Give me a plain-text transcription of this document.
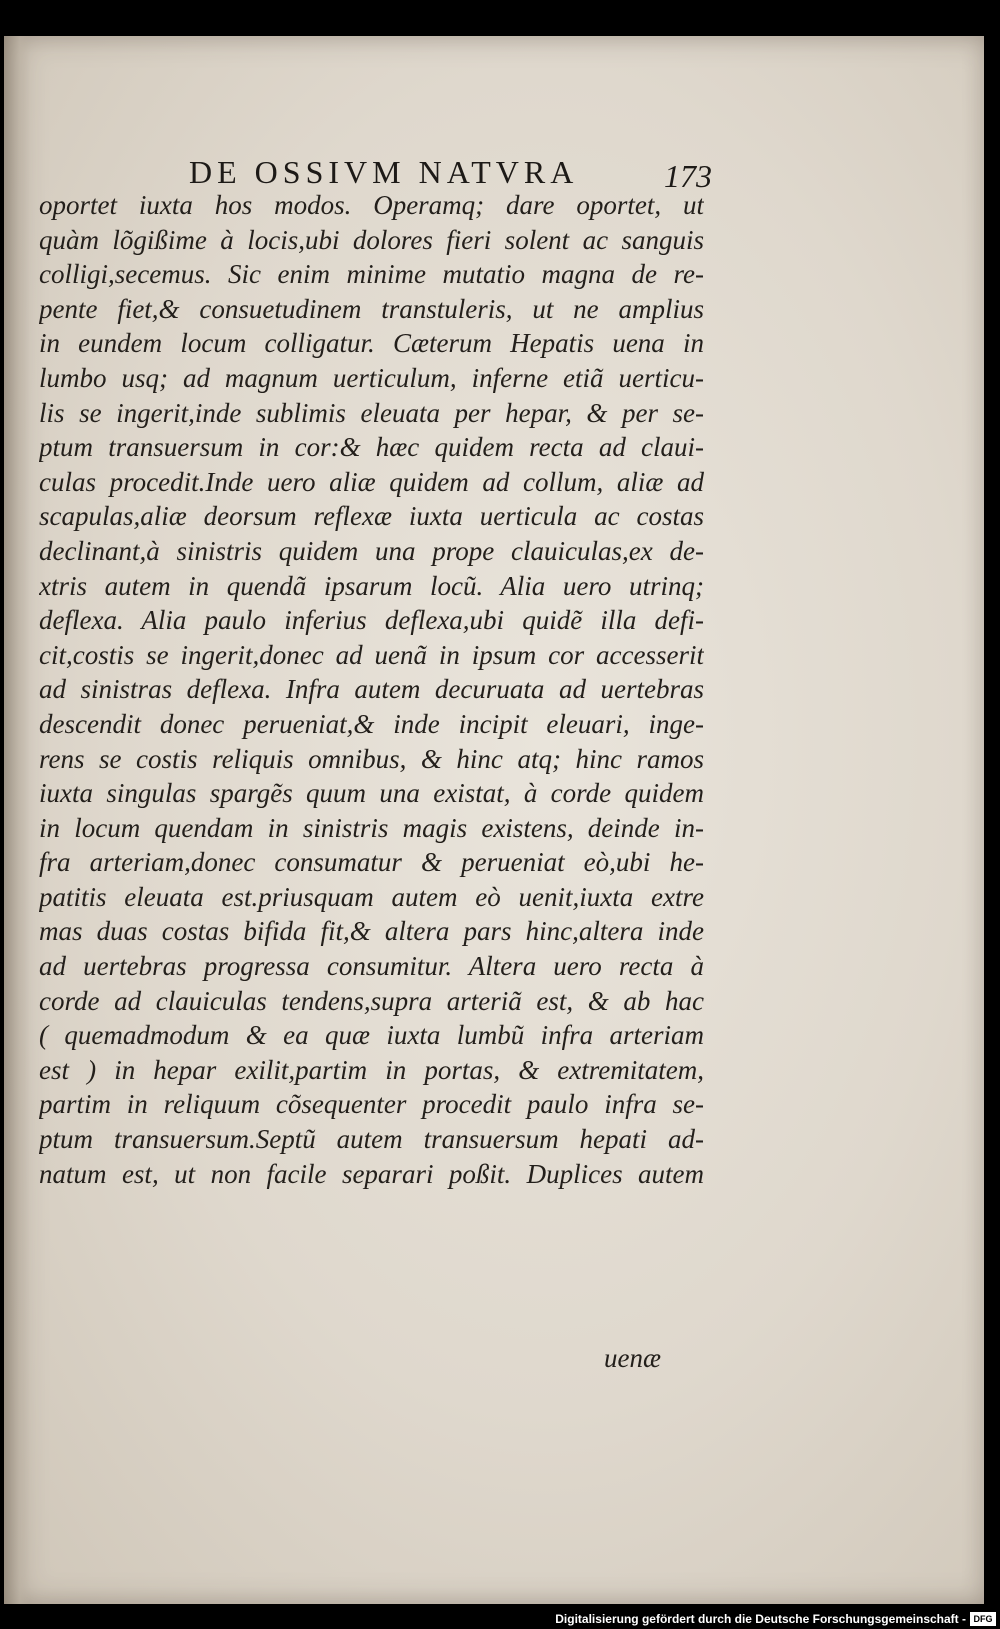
DE OSSIVM NATVRA	173
oportet iuxta hos modos. Operamq; dare oportet, ut
quàm lõgißime à locis,ubi dolores fieri solent ac sanguis
colligi,secemus. Sic enim minime mutatio magna de re-
pente fiet,& consuetudinem transtuleris, ut ne amplius
in eundem locum colligatur. Cæterum Hepatis uena in
lumbo usq; ad magnum uerticulum, inferne etiã uerticu-
lis se ingerit,inde sublimis eleuata per hepar, & per se-
ptum transuersum in cor:& hæc quidem recta ad claui-
culas procedit.Inde uero aliæ quidem ad collum, aliæ ad
scapulas,aliæ deorsum reflexæ iuxta uerticula ac costas
declinant,à sinistris quidem una prope clauiculas,ex de-
xtris autem in quendã ipsarum locũ. Alia uero utrinq;
deflexa. Alia paulo inferius deflexa,ubi quidẽ illa defi-
cit,costis se ingerit,donec ad uenã in ipsum cor accesserit
ad sinistras deflexa. Infra autem decuruata ad uertebras
descendit donec perueniat,& inde incipit eleuari, inge-
rens se costis reliquis omnibus, & hinc atq; hinc ramos
iuxta singulas spargẽs quum una existat, à corde quidem
in locum quendam in sinistris magis existens, deinde in-
fra arteriam,donec consumatur & perueniat eò,ubi he-
patitis eleuata est.priusquam autem eò uenit,iuxta extre
mas duas costas bifida fit,& altera pars hinc,altera inde
ad uertebras progressa consumitur. Altera uero recta à
corde ad clauiculas tendens,supra arteriã est, & ab hac
( quemadmodum & ea quæ iuxta lumbũ infra arteriam
est ) in hepar exilit,partim in portas, & extremitatem,
partim in reliquum cõsequenter procedit paulo infra se-
ptum transuersum.Septũ autem transuersum hepati ad-
natum est, ut non facile separari poßit. Duplices autem
uenæ
Digitalisierung gefördert durch die Deutsche Forschungsgemeinschaft - DFG
